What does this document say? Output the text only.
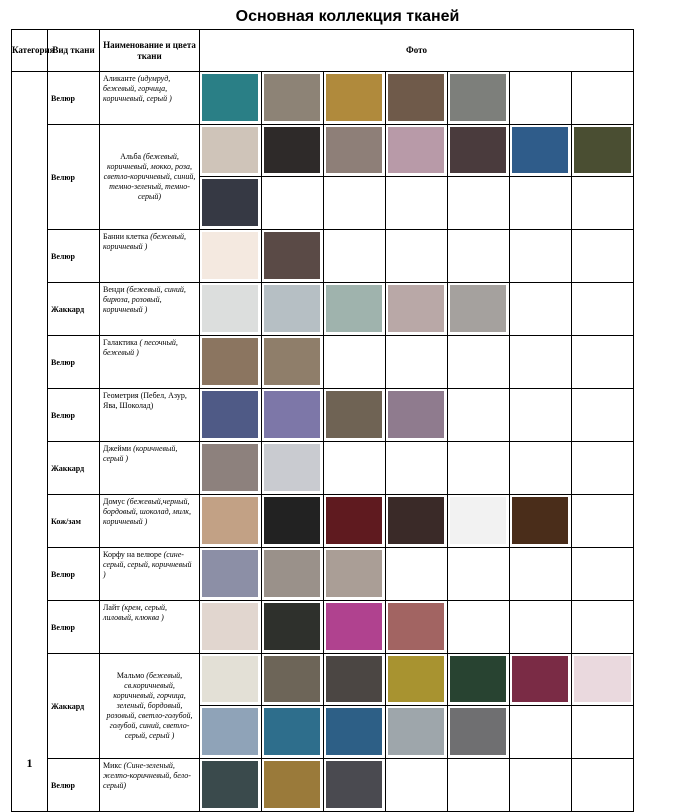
Основная коллекция тканей
Категория	Вид ткани	Наименование и цвета ткани	Фото
1	Велюр	Аликанте (идумруд, бежевый, горчица, коричневый, серый )	

	Велюр	Альба (бежевый, коричневый, мокко, роза, светло-коричневый, синий, темно-зеленый, темно-серый)	

	Велюр	Банни клетка (бежевый, коричневый )	

	Жаккард	Венди (бежевый, синий, бирюза, розовый, коричневый )	

	Велюр	Галактика ( песочный, бежевый )	

	Велюр	Геометрия (Пебел, Азур, Ява, Шоколад)	

	Жаккард	Джейми (коричневый, серый )	

	Кож/зам	Домус (бежевый,черный, бордовый, шоколад, милк, коричневый )	

	Велюр	Корфу на велюре (сине-серый, серый, коричневый )	

	Велюр	Лайт (крем, серый, лиловый, клюква )	

	Жаккард	Мальмо (бежевый, св.коричневый, коричневый, горчица, зеленый, бордовый, розовый, светло-голубой, голубой, синий, светло-серый, серый )	

	Велюр	Микс (Сине-зеленый, желто-коричневый, бело-серый)	
